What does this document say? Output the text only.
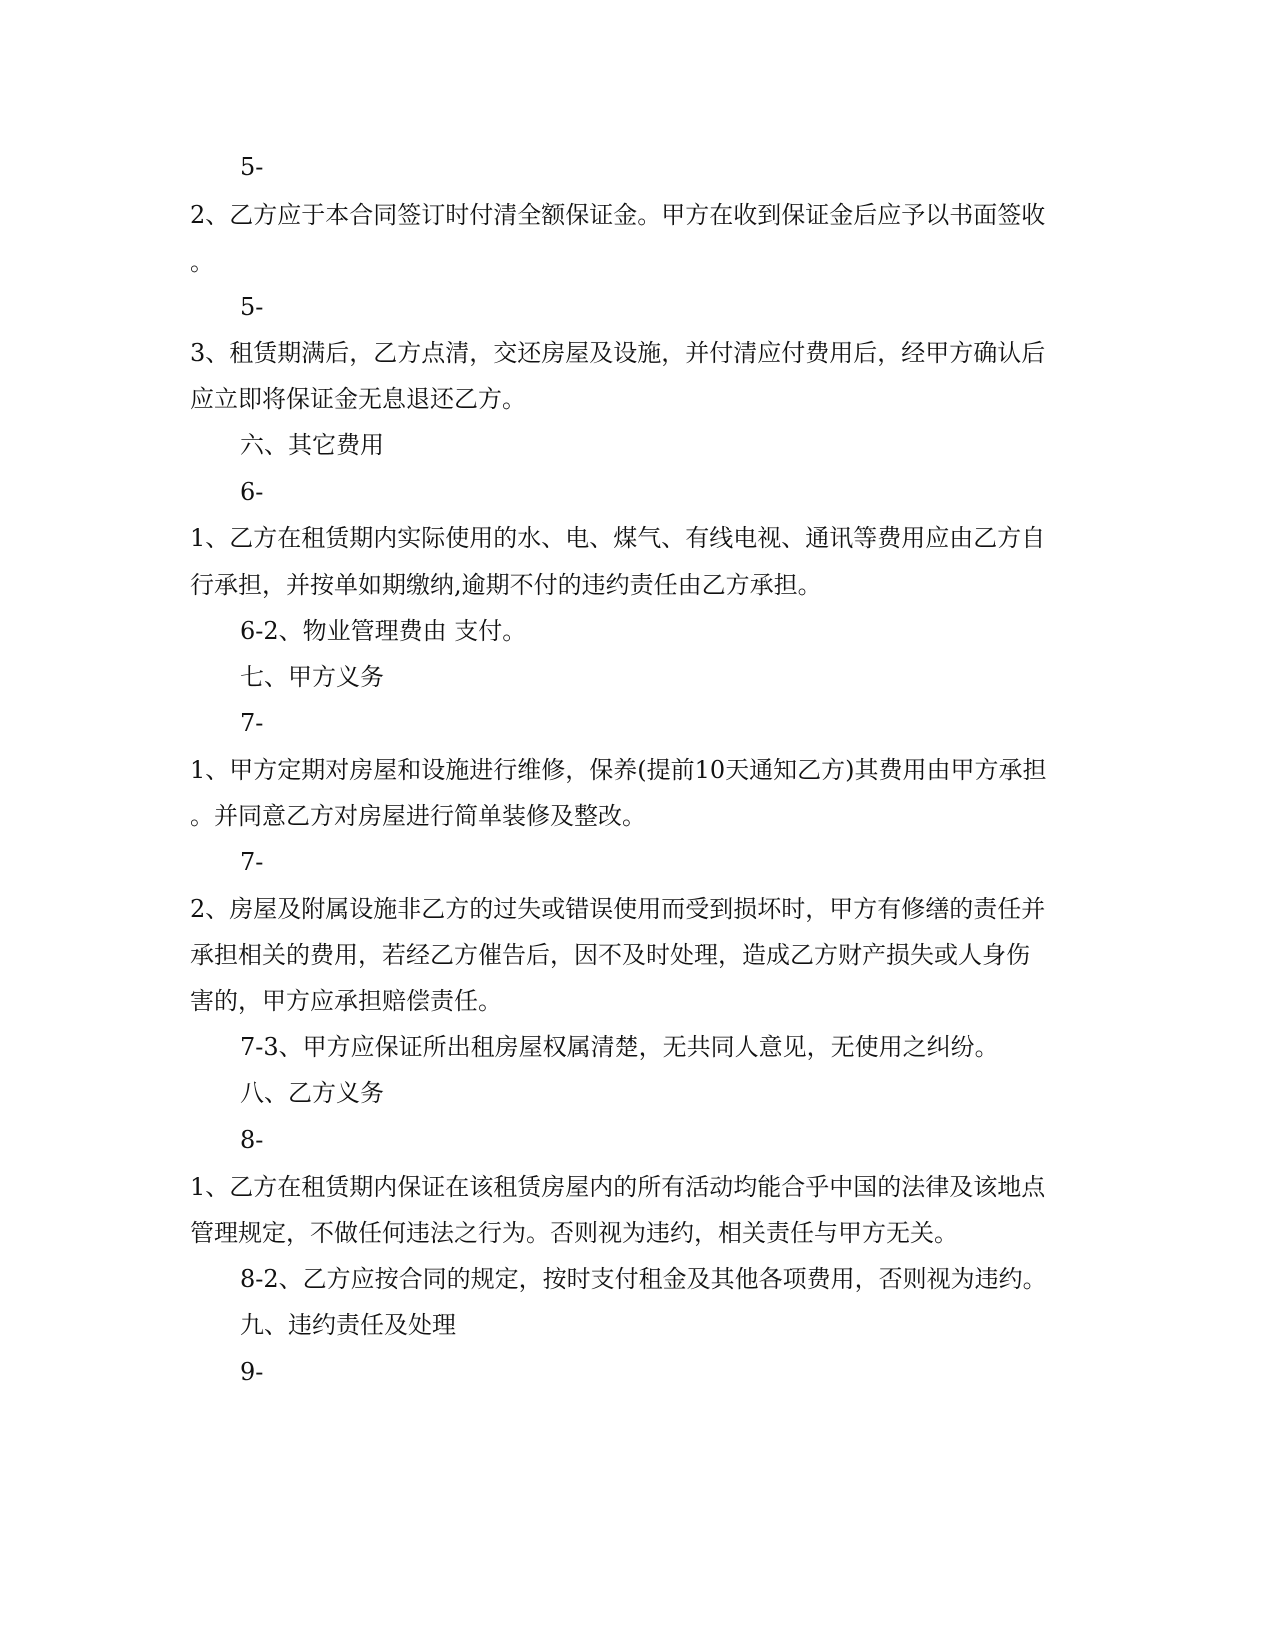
5-
2、乙方应于本合同签订时付清全额保证金。甲方在收到保证金后应予以书面签收
。
5-
3、租赁期满后，乙方点清，交还房屋及设施，并付清应付费用后，经甲方确认后
应立即将保证金无息退还乙方。
六、其它费用
6-
1、乙方在租赁期内实际使用的水、电、煤气、有线电视、通讯等费用应由乙方自
行承担，并按单如期缴纳,逾期不付的违约责任由乙方承担。
6-2、物业管理费由 支付。
七、甲方义务
7-
1、甲方定期对房屋和设施进行维修，保养(提前10天通知乙方)其费用由甲方承担
。并同意乙方对房屋进行简单装修及整改。
7-
2、房屋及附属设施非乙方的过失或错误使用而受到损坏时，甲方有修缮的责任并
承担相关的费用，若经乙方催告后，因不及时处理，造成乙方财产损失或人身伤
害的，甲方应承担赔偿责任。
7-3、甲方应保证所出租房屋权属清楚，无共同人意见，无使用之纠纷。
八、乙方义务
8-
1、乙方在租赁期内保证在该租赁房屋内的所有活动均能合乎中国的法律及该地点
管理规定，不做任何违法之行为。否则视为违约，相关责任与甲方无关。
8-2、乙方应按合同的规定，按时支付租金及其他各项费用，否则视为违约。
九、违约责任及处理
9-
